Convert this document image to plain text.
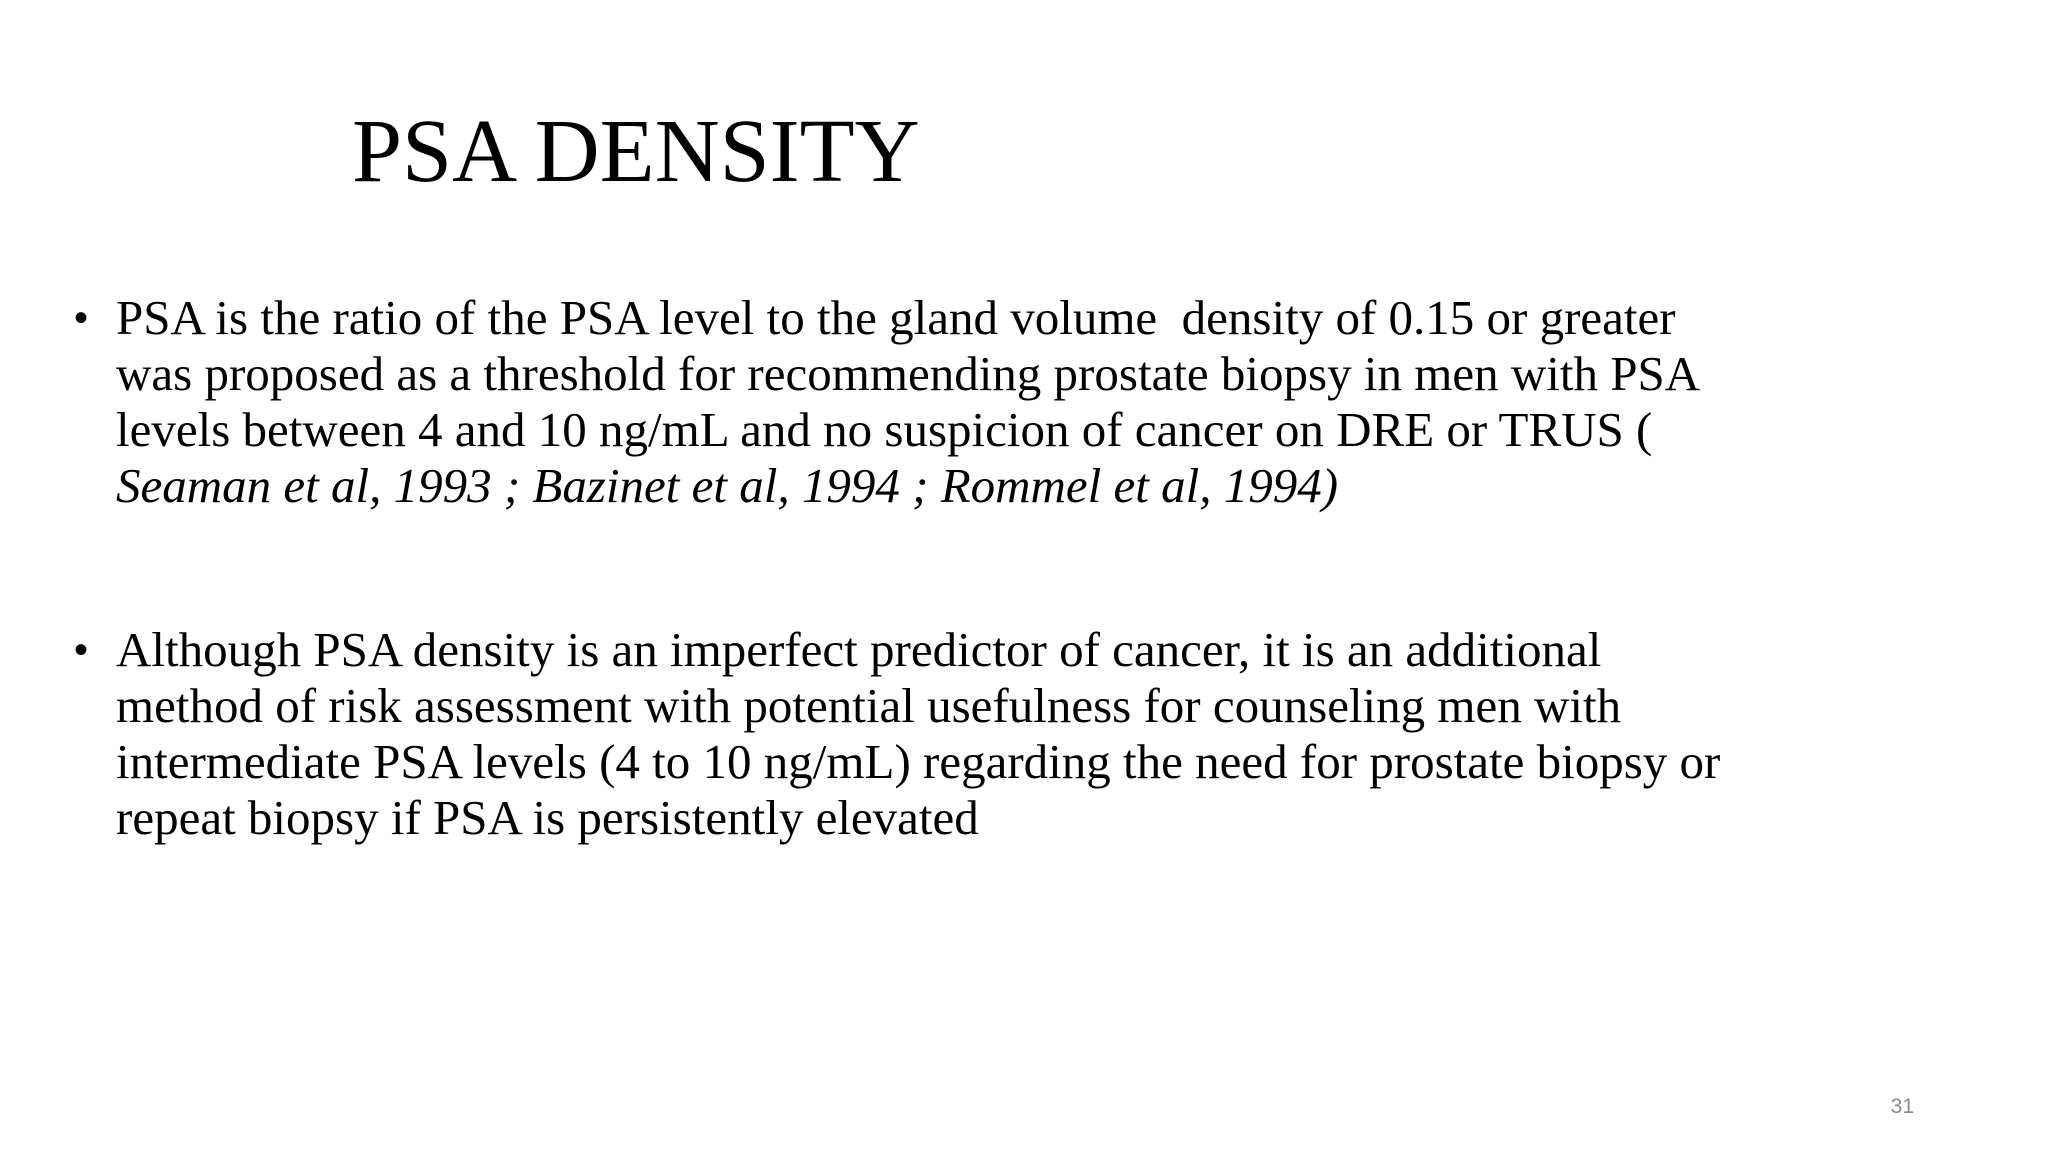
PSA DENSITY
• PSA is the ratio of the PSA level to the gland volume  density of 0.15 or greater
was proposed as a threshold for recommending prostate biopsy in men with PSA
levels between 4 and 10 ng/mL and no suspicion of cancer on DRE or TRUS (
Seaman et al, 1993 ; Bazinet et al, 1994 ; Rommel et al, 1994)
• Although PSA density is an imperfect predictor of cancer, it is an additional
method of risk assessment with potential usefulness for counseling men with
intermediate PSA levels (4 to 10 ng/mL) regarding the need for prostate biopsy or
repeat biopsy if PSA is persistently elevated
31
